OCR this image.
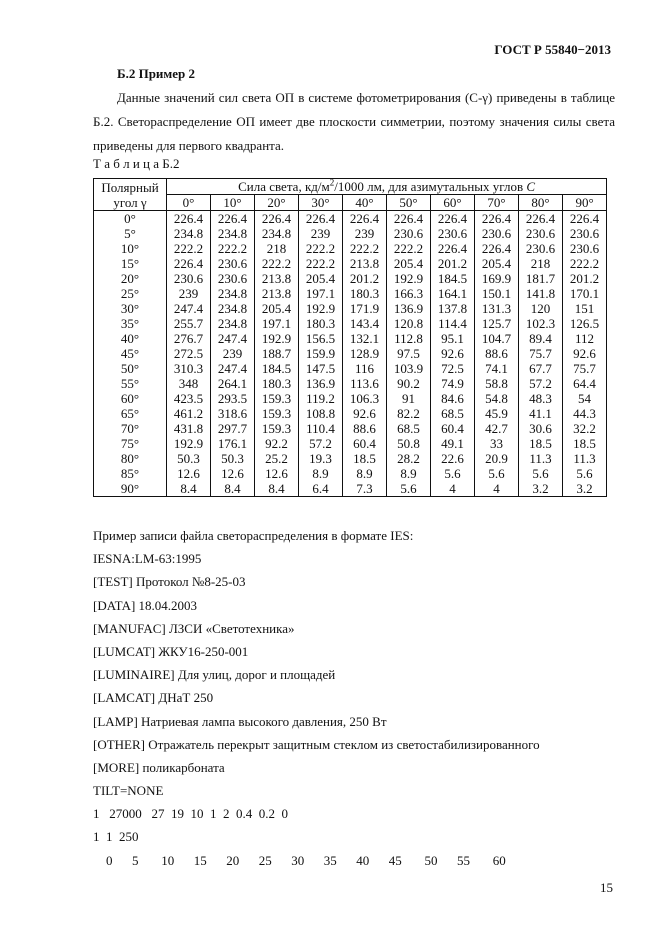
ГОСТ Р 55840−2013
Б.2 Пример 2
Данные значений сил света ОП в системе фотометрирования (C-γ) приведены в таблице Б.2. Светораспределение ОП имеет две плоскости симметрии, поэтому значения силы света приведены для первого квадранта.
Т а б л и ц а Б.2
Полярный
угол γ	Сила света, $кд/м^2/1000$ лм, для азимутальных углов C									
	0°	10°	20°	30°	40°	50°	60°	70°	80°	90°
0°	226.4	226.4	226.4	226.4	226.4	226.4	226.4	226.4	226.4	226.4
5°	234.8	234.8	234.8	239	239	230.6	230.6	230.6	230.6	230.6
10°	222.2	222.2	218	222.2	222.2	222.2	226.4	226.4	230.6	230.6
15°	226.4	230.6	222.2	222.2	213.8	205.4	201.2	205.4	218	222.2
20°	230.6	230.6	213.8	205.4	201.2	192.9	184.5	169.9	181.7	201.2
25°	239	234.8	213.8	197.1	180.3	166.3	164.1	150.1	141.8	170.1
30°	247.4	234.8	205.4	192.9	171.9	136.9	137.8	131.3	120	151
35°	255.7	234.8	197.1	180.3	143.4	120.8	114.4	125.7	102.3	126.5
40°	276.7	247.4	192.9	156.5	132.1	112.8	95.1	104.7	89.4	112
45°	272.5	239	188.7	159.9	128.9	97.5	92.6	88.6	75.7	92.6
50°	310.3	247.4	184.5	147.5	116	103.9	72.5	74.1	67.7	75.7
55°	348	264.1	180.3	136.9	113.6	90.2	74.9	58.8	57.2	64.4
60°	423.5	293.5	159.3	119.2	106.3	91	84.6	54.8	48.3	54
65°	461.2	318.6	159.3	108.8	92.6	82.2	68.5	45.9	41.1	44.3
70°	431.8	297.7	159.3	110.4	88.6	68.5	60.4	42.7	30.6	32.2
75°	192.9	176.1	92.2	57.2	60.4	50.8	49.1	33	18.5	18.5
80°	50.3	50.3	25.2	19.3	18.5	28.2	22.6	20.9	11.3	11.3
85°	12.6	12.6	12.6	8.9	8.9	8.9	5.6	5.6	5.6	5.6
90°	8.4	8.4	8.4	6.4	7.3	5.6	4	4	3.2	3.2
Пример записи файла светораспределения в формате IES:
IESNA:LM-63:1995
[TEST] Протокол №8-25-03
[DATA] 18.04.2003
[MANUFAC] ЛЗСИ «Светотехника»
[LUMCAT] ЖКУ16-250-001
[LUMINAIRE] Для улиц, дорог и площадей
[LAMCAT] ДНаТ 250
[LAMP] Натриевая лампа высокого давления, 250 Вт
[OTHER] Отражатель перекрыт защитным стеклом из светостабилизированного
[MORE] поликарбоната
TILT=NONE
1   27000   27  19  10  1  2  0.4  0.2  0
1  1  250
0      5       10      15      20      25      30      35      40      45       50      55       60
15
